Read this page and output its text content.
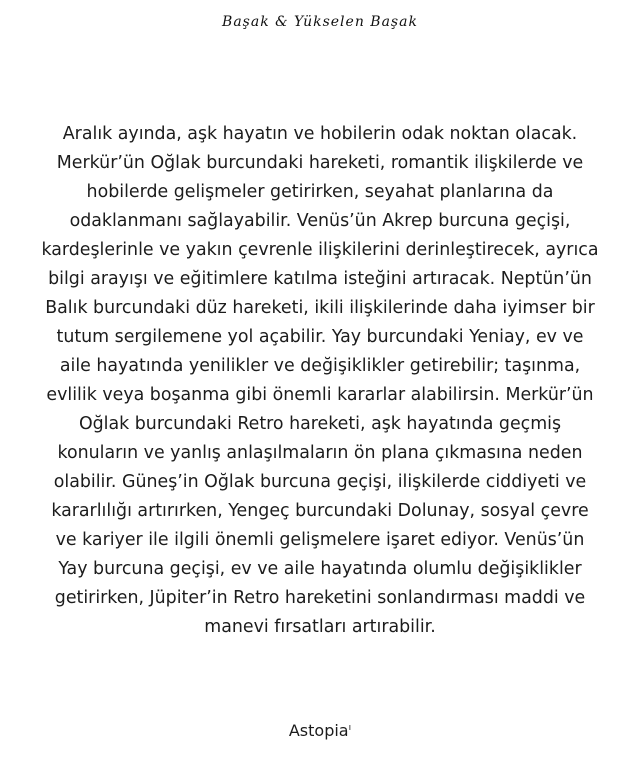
Başak & Yükselen Başak
Aralık ayında, aşk hayatın ve hobilerin odak noktan olacak.
Merkür’ün Oğlak burcundaki hareketi, romantik ilişkilerde ve
hobilerde gelişmeler getirirken, seyahat planlarına da
odaklanmanı sağlayabilir. Venüs’ün Akrep burcuna geçişi,
kardeşlerinle ve yakın çevrenle ilişkilerini derinleştirecek, ayrıca
bilgi arayışı ve eğitimlere katılma isteğini artıracak. Neptün’ün
Balık burcundaki düz hareketi, ikili ilişkilerinde daha iyimser bir
tutum sergilemene yol açabilir. Yay burcundaki Yeniay, ev ve
aile hayatında yenilikler ve değişiklikler getirebilir; taşınma,
evlilik veya boşanma gibi önemli kararlar alabilirsin. Merkür’ün
Oğlak burcundaki Retro hareketi, aşk hayatında geçmiş
konuların ve yanlış anlaşılmaların ön plana çıkmasına neden
olabilir. Güneş’in Oğlak burcuna geçişi, ilişkilerde ciddiyeti ve
kararlılığı artırırken, Yengeç burcundaki Dolunay, sosyal çevre
ve kariyer ile ilgili önemli gelişmelere işaret ediyor. Venüs’ün
Yay burcuna geçişi, ev ve aile hayatında olumlu değişiklikler
getirirken, Jüpiter’in Retro hareketini sonlandırması maddi ve
manevi fırsatları artırabilir.
Astopia$^ı$
